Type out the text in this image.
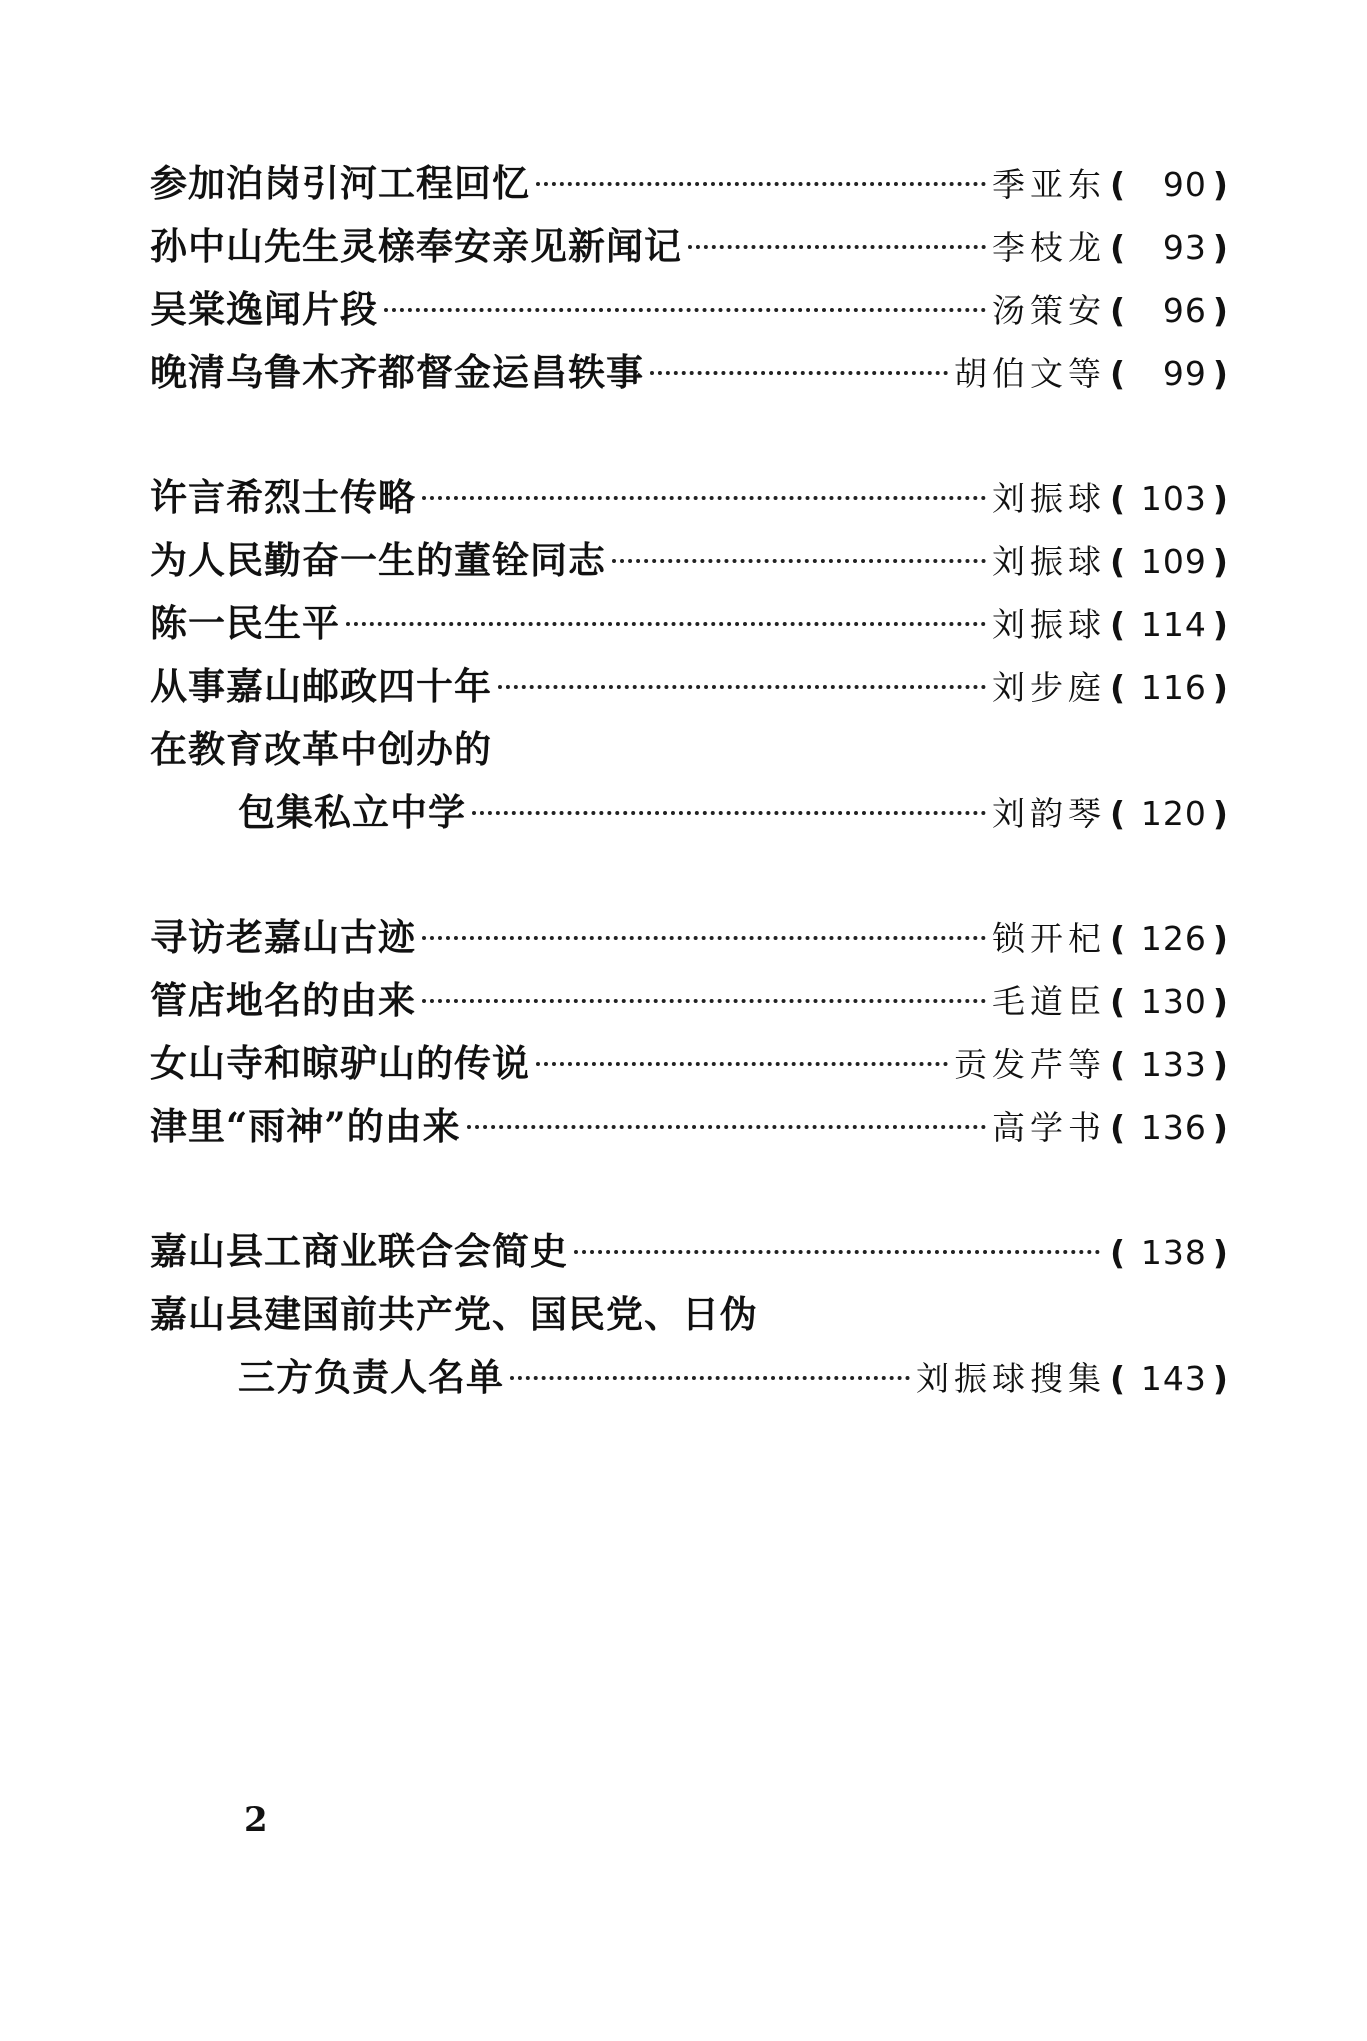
参加泊岗引河工程回忆	季亚东 (	90 )
孙中山先生灵榇奉安亲见新闻记	李枝龙 (	93 )
吴棠逸闻片段	汤策安 (	96 )
晚清乌鲁木齐都督金运昌轶事	胡伯文等 (	99 )
许言希烈士传略	刘振球 ( 103 )
为人民勤奋一生的董铨同志	刘振球 ( 109 )
陈一民生平	刘振球 ( 114 )
从事嘉山邮政四十年	刘步庭 ( 116 )
在教育改革中创办的
包集私立中学	刘韵琴 ( 120 )
寻访老嘉山古迹	锁开杞 ( 126 )
管店地名的由来	毛道臣 ( 130 )
女山寺和晾驴山的传说	贡发芹等 ( 133 )
津里“雨神”的由来	高学书 ( 136 )
嘉山县工商业联合会简史	( 138 )
嘉山县建国前共产党、国民党、日伪
三方负责人名单	刘振球搜集 ( 143 )
2
